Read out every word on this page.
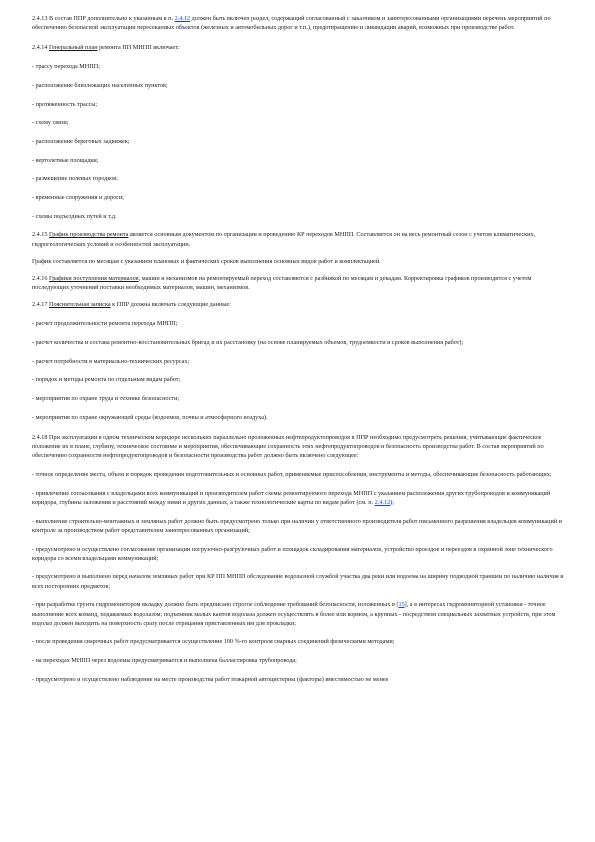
2.4.13 В состав ППР дополнительно к указанным в п. 2.4.12 должен быть включен раздел, содержащий согласованный с заказчиком и заинтересованными организациями перечень мероприятий по обеспечению безопасной эксплуатации пересекаемых объектов (железных и автомобильных дорог и т.п.), предотвращению и ликвидации аварий, возможных при производстве работ.

2.4.14 Генеральный план ремонта ПП МНПП включает:

- трассу перехода МНПП;

- расположение близлежащих населенных пунктов;

- протяженность трассы;

- схему связи;

- расположение береговых задвижек;

- вертолетные площадки;

- размещение полевых городков;

- временные сооружения и дороги;

- схемы подъездных путей и т.д.

2.4.15 График производства ремонта является основным документом по организации и проведению КР переходов МНПП. Составляется он на весь ремонтный сезон с учетом климатических, гидрогеологических условий и особенностей эксплуатации.

График составляется по месяцам с указанием плановых и фактических сроков выполнения основных видов работ и комплектацией.

2.4.16 Графики поступления материалов, машин и механизмов на ремонтируемый переход составляются с разбивкой по месяцам и декадам. Корректировка графиков производится с учетом последующих уточнений поставки необходимых материалов, машин, механизмов.

2.4.17 Пояснительная записка к ППР должна включать следующие данные:

- расчет продолжительности ремонта перехода МНПП;

- расчет количества и состава ремонтно-восстановительных бригад и их расстановку (на основе планируемых объемов, трудоемкости и сроков выполнения работ);

- расчет потребности в материально-технических ресурсах;

- порядок и методы ремонта по отдельным видам работ;

- мероприятия по охране труда и технике безопасности;

- мероприятия по охране окружающей среды (водоемов, почвы и атмосферного воздуха).

2.4.18 При эксплуатации в одном техническом коридоре нескольких параллельно проложенных нефтепродуктопроводов в ППР необходимо предусмотреть решения, учитывающие фактическое положение их в плане, глубину, техническое состояние и мероприятия, обеспечивающие сохранность этих нефтепродуктопроводов и безопасность производства работ. В состав мероприятий по обеспечению сохранности нефтепродуктопроводов и безопасности производства работ должно быть включено следующее:

- точное определение места, объем и порядок проведения подготовительных и основных работ, применяемые приспособления, инструменты и методы, обеспечивающие безопасность работающих;

- привлечение согласования с владельцами всех коммуникаций и производителем работ схемы ремонтируемого перехода МНПП с указанием расположения других трубопроводов и коммуникаций коридора, глубины заложения и расстояний между ними и других данных, а также технологические карты по видам работ (см. п. 2.4.12);

- выполнение строительно-монтажных и земляных работ должно быть предусмотрено только при наличии у ответственного производителя работ письменного разрешения владельцев коммуникаций и контроле за производством работ представителем заинтересованных организаций;

- предусмотрено и осуществлено согласование организации погрузочно-разгрузочных работ и площадок складирования материалов, устройство проездов и переездов в охранной зоне технического коридора со всеми владельцами коммуникаций;

- предусмотрено и выполнено перед началом земляных работ при КР ПП МНПП обследование водолазной службой участка два реки или водоема на ширину подводной траншеи по наличию наличия и всех посторонних предметов;

- при разработке грунта гидромонитором вкладку должно быть предписано строгое соблюдение требований безопасности, изложенных в [15], а в интересах гидромониторной установки - точное выполнение всех команд, подаваемых водолазом; подъемник малых кантов водолаза должен осуществлять в более или кормом, а крупных - посредством специальных захватных устройств, при этом водолаз должен выходить на поверхность сразу после отрицания приставленных им для прокладки;

- после проведения сварочных работ предусматривается осуществление 100 %-го контроля сварных соединений физическими методами;

- на переходах МНПП через водоемы предусматривается и выполнена балластировка трубопровода;

- предусмотрено и осуществлено наблюдение на месте производства работ пожарной автоцистерны (факторы) вместимостью не менее
